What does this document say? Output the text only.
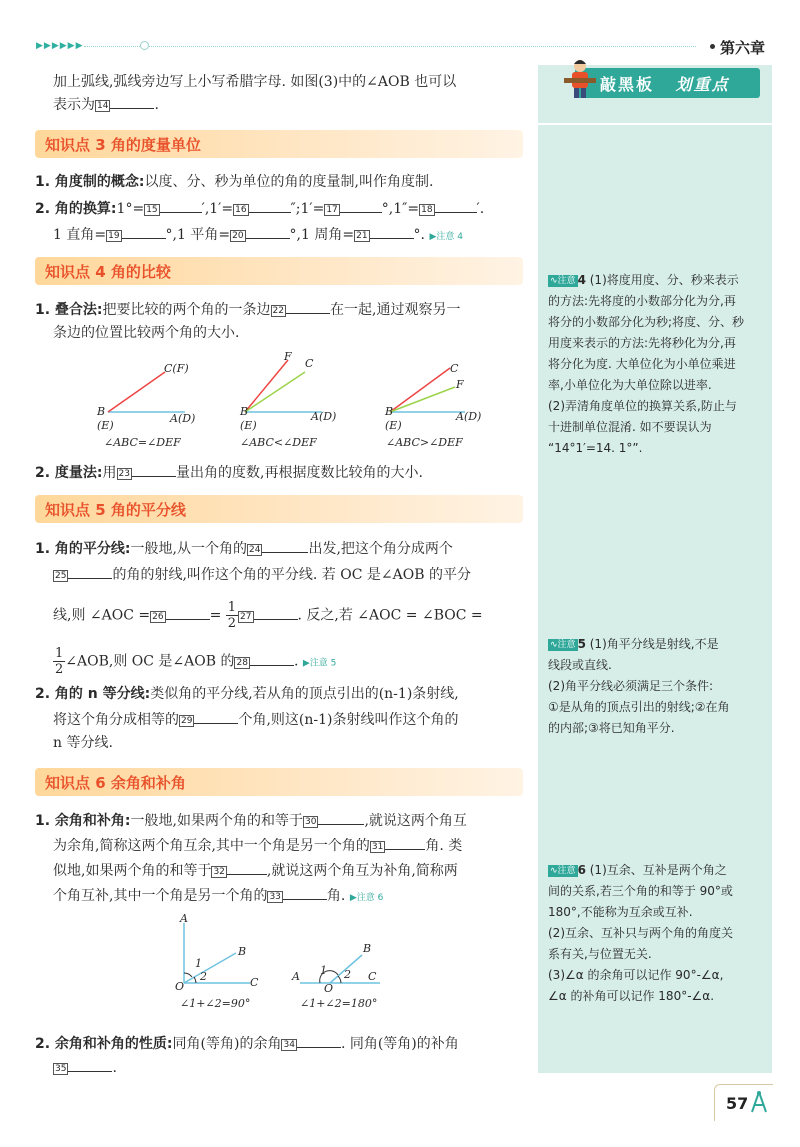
▶▶▶▶▶▶	第六章
敲黑板 划重点
加上弧线,弧线旁边写上小写希腊字母. 如图(3)中的∠AOB 也可以
表示为 14	.
知识点 3 角的度量单位
1. 角度制的概念:以度、分、秒为单位的角的度量制,叫作角度制.
2. 角的换算:1°= 15	′,1′= 16	″;1′= 17	°,1″= 18	′.
1 直角= 19	°,1 平角= 20	°,1 周角= 21	°. ▶注意 4
知识点 4 角的比较
1. 叠合法:把要比较的两个角的一条边 22	在一起,通过观察另一
条边的位置比较两个角的大小.
C(F)
B
(E)
A(D)
F
C
B
(E)
A(D)
C
F
B
(E)
A(D)
∠ABC=∠DEF	∠ABC<∠DEF	∠ABC>∠DEF
2. 度量法:用 23	量出角的度数,再根据度数比较角的大小.
知识点 5 角的平分线
1. 角的平分线:一般地,从一个角的 24	出发,把这个角分成两个
25	的角的射线,叫作这个角的平分线. 若 OC 是∠AOB 的平分
线,则 ∠AOC = 26	= $\frac{1}{2} 27$	. 反之,若 ∠AOC = ∠BOC =
$\frac{1}{2}$ ∠AOB,则 OC 是∠AOB 的 28	. ▶注意 5
2. 角的 n 等分线:类似角的平分线,若从角的顶点引出的(n-1)条射线,
将这个角分成相等的 29	个角,则这(n-1)条射线叫作这个角的
n 等分线.
知识点 6 余角和补角
1. 余角和补角:一般地,如果两个角的和等于 30	,就说这两个角互
为余角,简称这两个角互余,其中一个角是另一个角的 31	角. 类
似地,如果两个角的和等于 32	,就说这两个角互为补角,简称两
个角互补,其中一个角是另一个角的 33	角. ▶注意 6
A
B
1
2
O	C	A
B
1 2
O
C
∠1+∠2=90°	∠1+∠2=180°
2. 余角和补角的性质:同角(等角)的余角 34	. 同角(等角)的补角
35	.
∿注意 4 (1)将度用度、分、秒来表示
的方法:先将度的小数部分化为分,再
将分的小数部分化为秒;将度、分、秒
用度来表示的方法:先将秒化为分,再
将分化为度. 大单位化为小单位乘进
率,小单位化为大单位除以进率.
(2)弄清角度单位的换算关系,防止与
十进制单位混淆. 如不要误认为
“14°1′=14. 1°”.
∿注意 5 (1)角平分线是射线,不是
线段或直线.
(2)角平分线必须满足三个条件:
①是从角的顶点引出的射线;②在角
的内部;③将已知角平分.
∿注意 6 (1)互余、互补是两个角之
间的关系,若三个角的和等于 90°或
180°,不能称为互余或互补.
(2)互余、互补只与两个角的角度关
系有关,与位置无关.
(3)∠α 的余角可以记作 90°-∠α,
∠α 的补角可以记作 180°-∠α.
57
